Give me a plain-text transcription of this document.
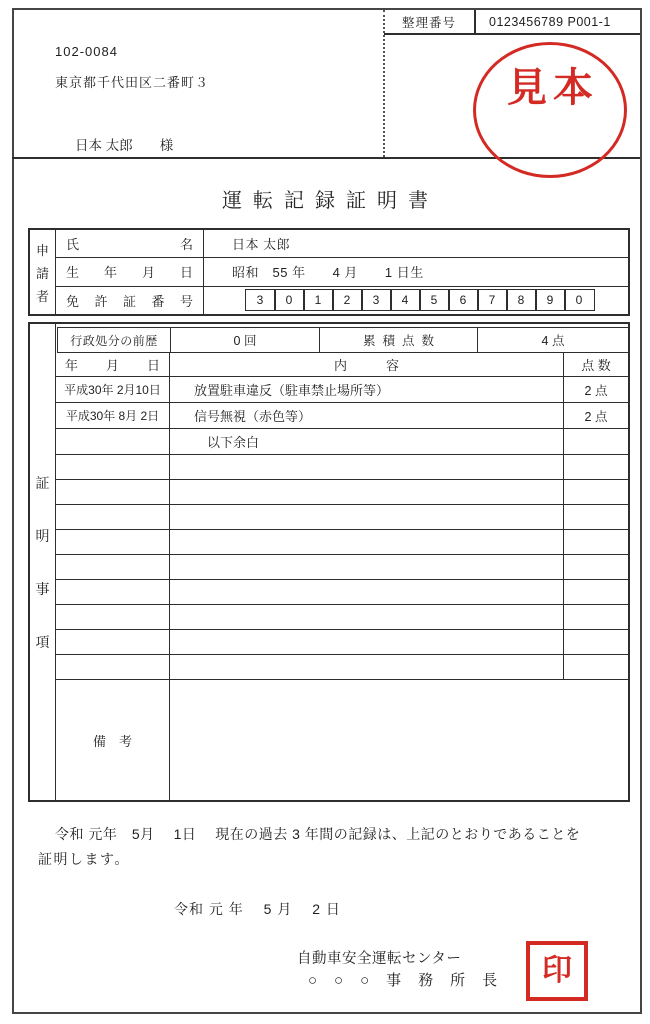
整理番号	0123456789 P001-1
102-0084
東京都千代田区二番町３
日本 太郎　　様
見本
運転記録証明書
申
請
者
氏　名	日本 太郎
生　年　月　日	昭和　55 年　　4 月　　1 日生
免　許　証　番　号	3	0	1	2	3	4	5	6	7	8	9	0
証
明
事
項
行政処分の前歴	0 回	累積点数	4 点
年　月　日	内　　　容	点 数
平成30年 2月10日	放置駐車違反（駐車禁止場所等）	2 点
平成30年 8月 2日	信号無視（赤色等）	2 点
　以下余白
備　考
令和 元年　5月　 1日　 現在の過去 3 年間の記録は、上記のとおりであることを
証明します。
令和 元 年　 5 月　 2 日
自動車安全運転センター
○　○　○　事　務　所　長 印
